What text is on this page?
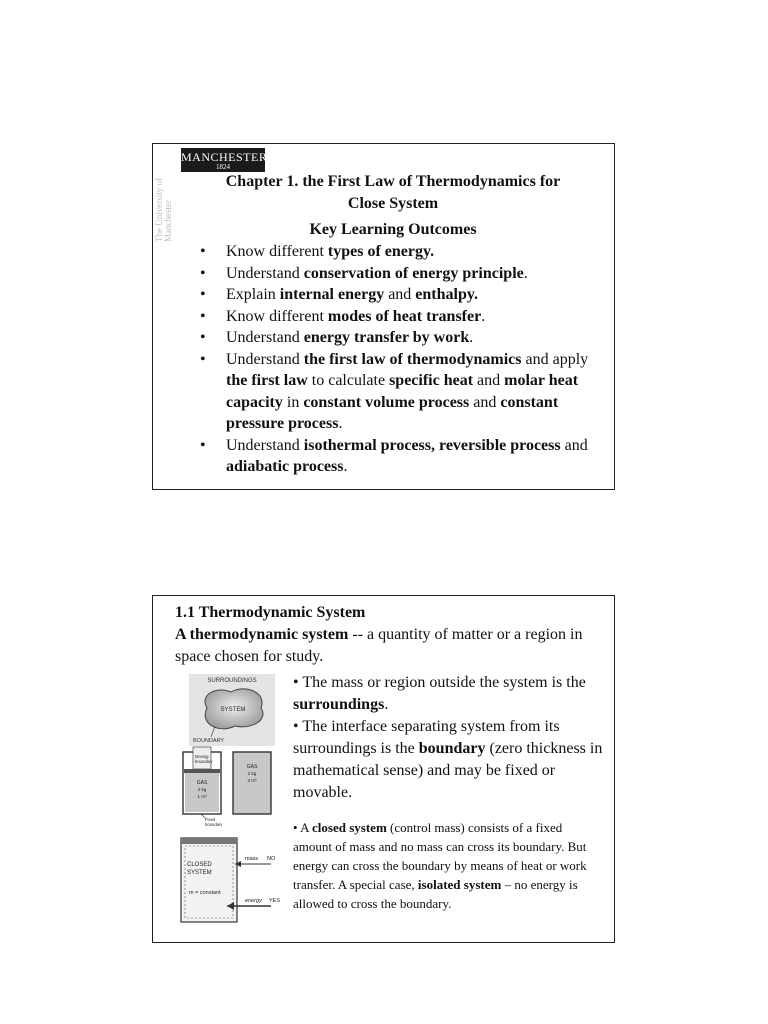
MANCHESTER
1824
The University of Manchester
Chapter 1. the First Law of Thermodynamics for
Close System
Key Learning Outcomes
• Know different types of energy.
• Understand conservation of energy principle.
• Explain internal energy and enthalpy.
• Know different modes of heat transfer.
• Understand energy transfer by work.
• Understand the first law of thermodynamics and apply the first law to calculate specific heat and molar heat capacity in constant volume process and constant pressure process.
• Understand isothermal process, reversible process and adiabatic process.
1.1 Thermodynamic System
A thermodynamic system -- a quantity of matter or a region in space chosen for study.
SURROUNDINGS
SYSTEM
BOUNDARY
Moving
boundary
GAS
2 kg
1 m³
GAS
2 kg
3 m³
Fixed
boundary
CLOSED
SYSTEM
m = constant
mass NO
energy YES

• The mass or region outside the system is the surroundings.

• The interface separating system from its surroundings is the boundary (zero thickness in mathematical sense) and may be fixed or movable.

• A closed system (control mass) consists of a fixed amount of mass and no mass can cross its boundary. But energy can cross the boundary by means of heat or work transfer. A special case, isolated system – no energy is allowed to cross the boundary.
